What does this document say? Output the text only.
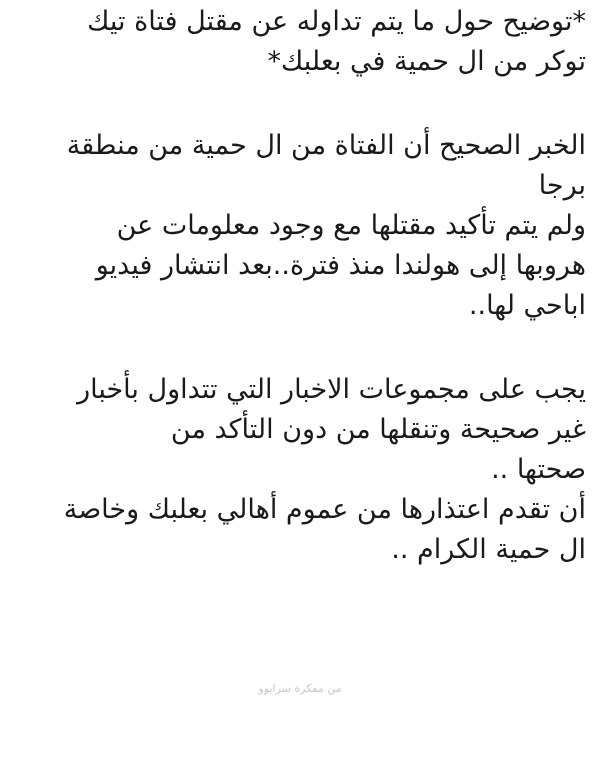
*توضيح حول ما يتم تداوله عن مقتل فتاة تيك
توكر من ال حمية في بعلبك*
الخبر الصحيح أن الفتاة من ال حمية من منطقة
برجا
ولم يتم تأكيد مقتلها مع وجود معلومات عن
هروبها إلى هولندا منذ فترة..بعد انتشار فيديو
اباحي لها..
يجب على مجموعات الاخبار التي تتداول بأخبار
غير صحيحة وتنقلها من دون التأكد من
صحتها ..
أن تقدم اعتذارها من عموم أهالي بعلبك وخاصة
ال حمية الكرام ..
من مفكرة سرابوو
